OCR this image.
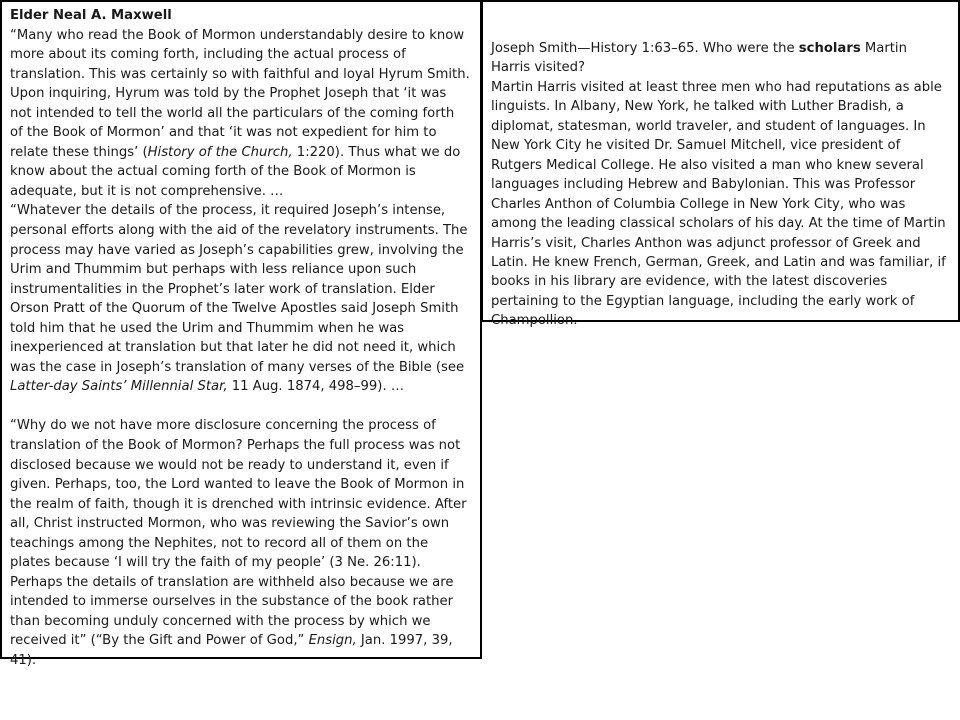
Elder Neal A. Maxwell

“Many who read the Book of Mormon understandably desire to know more about its coming forth, including the actual process of translation. This was certainly so with faithful and loyal Hyrum Smith. Upon inquiring, Hyrum was told by the Prophet Joseph that ‘it was not intended to tell the world all the particulars of the coming forth of the Book of Mormon’ and that ‘it was not expedient for him to relate these things’ (History of the Church, 1:220). Thus what we do know about the actual coming forth of the Book of Mormon is adequate, but it is not comprehensive. …

“Whatever the details of the process, it required Joseph’s intense, personal efforts along with the aid of the revelatory instruments. The process may have varied as Joseph’s capabilities grew, involving the Urim and Thummim but perhaps with less reliance upon such instrumentalities in the Prophet’s later work of translation. Elder Orson Pratt of the Quorum of the Twelve Apostles said Joseph Smith told him that he used the Urim and Thummim when he was inexperienced at translation but that later he did not need it, which was the case in Joseph’s translation of many verses of the Bible (see Latter-day Saints’ Millennial Star, 11 Aug. 1874, 498–99). …

“Why do we not have more disclosure concerning the process of translation of the Book of Mormon? Perhaps the full process was not disclosed because we would not be ready to understand it, even if given. Perhaps, too, the Lord wanted to leave the Book of Mormon in the realm of faith, though it is drenched with intrinsic evidence. After all, Christ instructed Mormon, who was reviewing the Savior’s own teachings among the Nephites, not to record all of them on the plates because ‘I will try the faith of my people’ (3 Ne. 26:11). Perhaps the details of translation are withheld also because we are intended to immerse ourselves in the substance of the book rather than becoming unduly concerned with the process by which we received it” (“By the Gift and Power of God,” Ensign, Jan. 1997, 39, 41).

Joseph Smith—History 1:63–65. Who were the scholars Martin Harris visited?

Martin Harris visited at least three men who had reputations as able linguists. In Albany, New York, he talked with Luther Bradish, a diplomat, statesman, world traveler, and student of languages. In New York City he visited Dr. Samuel Mitchell, vice president of Rutgers Medical College. He also visited a man who knew several languages including Hebrew and Babylonian. This was Professor Charles Anthon of Columbia College in New York City, who was among the leading classical scholars of his day. At the time of Martin Harris’s visit, Charles Anthon was adjunct professor of Greek and Latin. He knew French, German, Greek, and Latin and was familiar, if books in his library are evidence, with the latest discoveries pertaining to the Egyptian language, including the early work of Champollion.
